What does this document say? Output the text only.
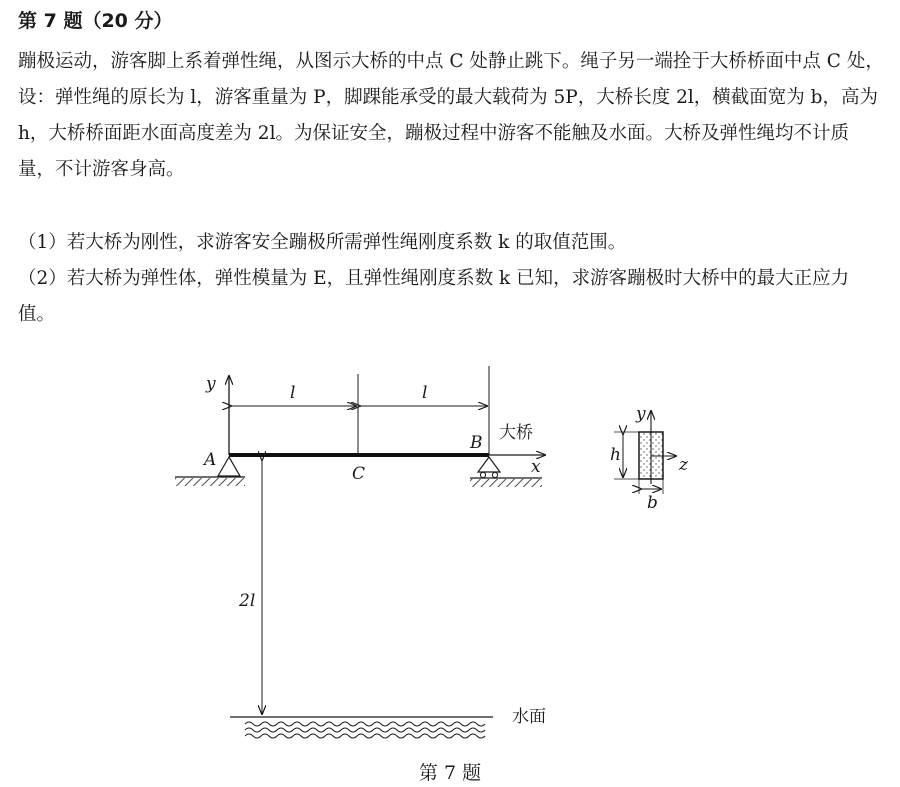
第 7 题（20 分）
蹦极运动，游客脚上系着弹性绳，从图示大桥的中点 C 处静止跳下。绳子另一端拴于大桥桥面中点 C 处，设：弹性绳的原长为 l，游客重量为 P，脚踝能承受的最大载荷为 5P，大桥长度 2l，横截面宽为 b，高为 h，大桥桥面距水面高度差为 2l。为保证安全，蹦极过程中游客不能触及水面。大桥及弹性绳均不计质量，不计游客身高。
（1）若大桥为刚性，求游客安全蹦极所需弹性绳刚度系数 k 的取值范围。
（2）若大桥为弹性体，弹性模量为 E，且弹性绳刚度系数 k 已知，求游客蹦极时大桥中的最大正应力值。
y	l	l
x
A
B
C
大桥
2l
水面
y
z
h
b
第 7 题
